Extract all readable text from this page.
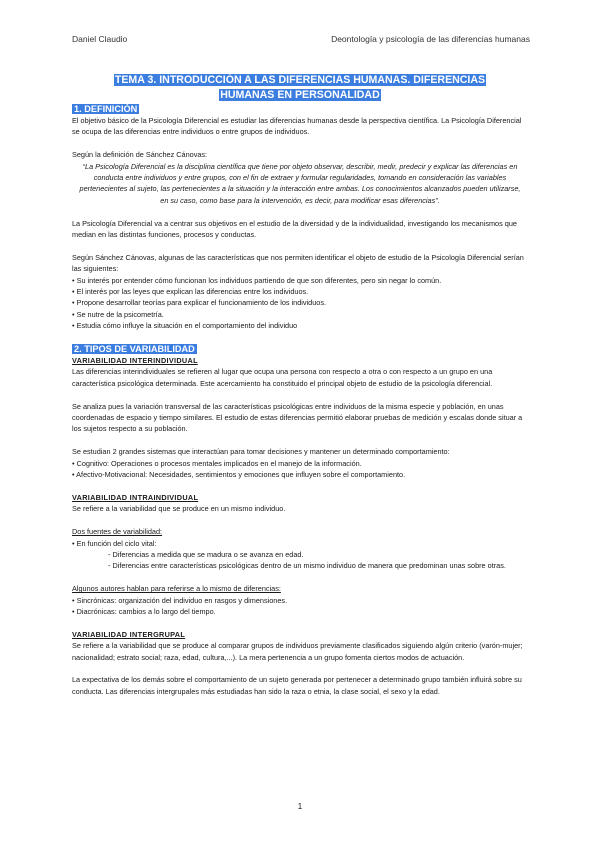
Daniel Claudio	Deontología y psicología de las diferencias humanas
TEMA 3. INTRODUCCIÓN A LAS DIFERENCIAS HUMANAS. DIFERENCIAS
HUMANAS EN PERSONALIDAD
1. DEFINICIÓN

El objetivo básico de la Psicología Diferencial es estudiar las diferencias humanas desde la perspectiva científica. La Psicología Diferencial se ocupa de las diferencias entre individuos o entre grupos de individuos.

Según la definición de Sánchez Cánovas:

“La Psicología Diferencial es la disciplina científica que tiene por objeto observar, describir, medir, predecir y explicar las diferencias en conducta entre individuos y entre grupos, con el fin de extraer y formular regularidades, tomando en consideración las variables pertenecientes al sujeto, las pertenecientes a la situación y la interacción entre ambas. Los conocimientos alcanzados pueden utilizarse, en su caso, como base para la intervención, es decir, para modificar esas diferencias”.

La Psicología Diferencial va a centrar sus objetivos en el estudio de la diversidad y de la individualidad, investigando los mecanismos que median en las distintas funciones, procesos y conductas.

Según Sánchez Cánovas, algunas de las características que nos permiten identificar el objeto de estudio de la Psicología Diferencial serían las siguientes:

• Su interés por entender cómo funcionan los individuos partiendo de que son diferentes, pero sin negar lo común.

• El interés por las leyes que explican las diferencias entre los individuos.

• Propone desarrollar teorías para explicar el funcionamiento de los individuos.

• Se nutre de la psicometría.

• Estudia cómo influye la situación en el comportamiento del individuo

2. TIPOS DE VARIABILIDAD

VARIABILIDAD INTERINDIVIDUAL

Las diferencias interindividuales se refieren al lugar que ocupa una persona con respecto a otra o con respecto a un grupo en una característica psicológica determinada. Este acercamiento ha constituido el principal objeto de estudio de la psicología diferencial.

Se analiza pues la variación transversal de las características psicológicas entre individuos de la misma especie y población, en unas coordenadas de espacio y tiempo similares. El estudio de estas diferencias permitió elaborar pruebas de medición y escalas donde situar a los sujetos respecto a su población.

Se estudian 2 grandes sistemas que interactúan para tomar decisiones y mantener un determinado comportamiento:

• Cognitivo: Operaciones o procesos mentales implicados en el manejo de la información.

• Afectivo-Motivacional: Necesidades, sentimientos y emociones que influyen sobre el comportamiento.

VARIABILIDAD INTRAINDIVIDUAL

Se refiere a la variabilidad que se produce en un mismo individuo.

Dos fuentes de variabilidad:

• En función del ciclo vital:

- Diferencias a medida que se madura o se avanza en edad.

- Diferencias entre características psicológicas dentro de un mismo individuo de manera que predominan unas sobre otras.

Algunos autores hablan para referirse a lo mismo de diferencias:

• Sincrónicas: organización del individuo en rasgos y dimensiones.

• Diacrónicas: cambios a lo largo del tiempo.

VARIABILIDAD INTERGRUPAL

Se refiere a la variabilidad que se produce al comparar grupos de individuos previamente clasificados siguiendo algún criterio (varón-mujer; nacionalidad; estrato social; raza, edad, cultura,...). La mera pertenencia a un grupo fomenta ciertos modos de actuación.

La expectativa de los demás sobre el comportamiento de un sujeto generada por pertenecer a determinado grupo también influirá sobre su conducta. Las diferencias intergrupales más estudiadas han sido la raza o etnia, la clase social, el sexo y la edad.

1
